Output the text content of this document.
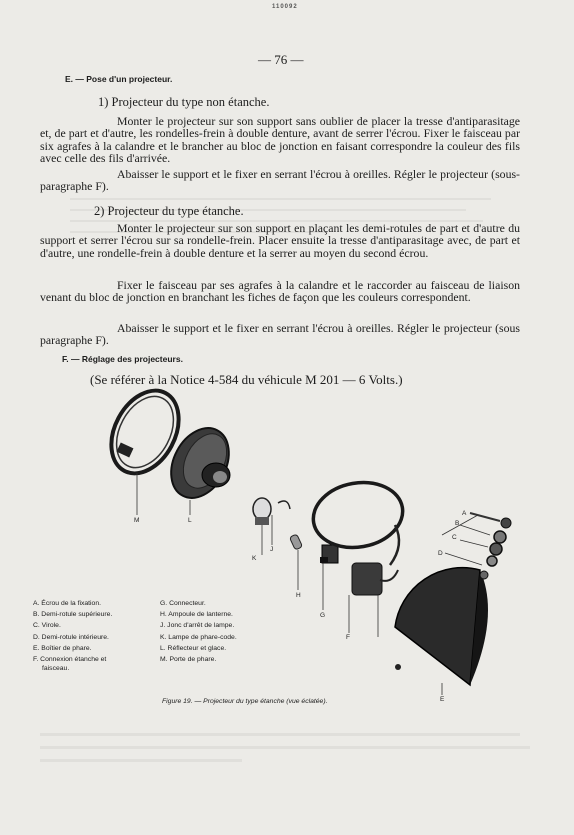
110092
— 76 —
E. — Pose d'un projecteur.
1) Projecteur du type non étanche.

Monter le projecteur sur son support sans oublier de placer la tresse d'antiparasitage et, de part et d'autre, les rondelles-frein à double denture, avant de serrer l'écrou. Fixer le faisceau par six agrafes à la calandre et le brancher au bloc de jonction en faisant correspondre la couleur des fils avec celle des fils d'arrivée.

Abaisser le support et le fixer en serrant l'écrou à oreilles. Régler le projecteur (sous-paragraphe F).

2) Projecteur du type étanche.

Monter le projecteur sur son support en plaçant les demi-rotules de part et d'autre du support et serrer l'écrou sur sa rondelle-frein. Placer ensuite la tresse d'antiparasitage avec, de part et d'autre, une rondelle-frein à double denture et la serrer au moyen du second écrou.

Fixer le faisceau par ses agrafes à la calandre et le raccorder au faisceau de liaison venant du bloc de jonction en branchant les fiches de façon que les couleurs correspondent.

Abaisser le support et le fixer en serrant l'écrou à oreilles. Régler le projecteur (sous paragraphe F).

F. — Réglage des projecteurs.
(Se référer à la Notice 4-584 du véhicule M 201 — 6 Volts.)
M	L
K
J
H
G
F
E
D
C
B
A
A. Écrou de la fixation.
B. Demi-rotule supérieure.
C. Virole.
D. Demi-rotule intérieure.
E. Boîtier de phare.
F. Connexion étanche et
faisceau.
G. Connecteur.
H. Ampoule de lanterne.
J. Jonc d'arrêt de lampe.
K. Lampe de phare-code.
L. Réflecteur et glace.
M. Porte de phare.
Figure 19. — Projecteur du type étanche (vue éclatée).
